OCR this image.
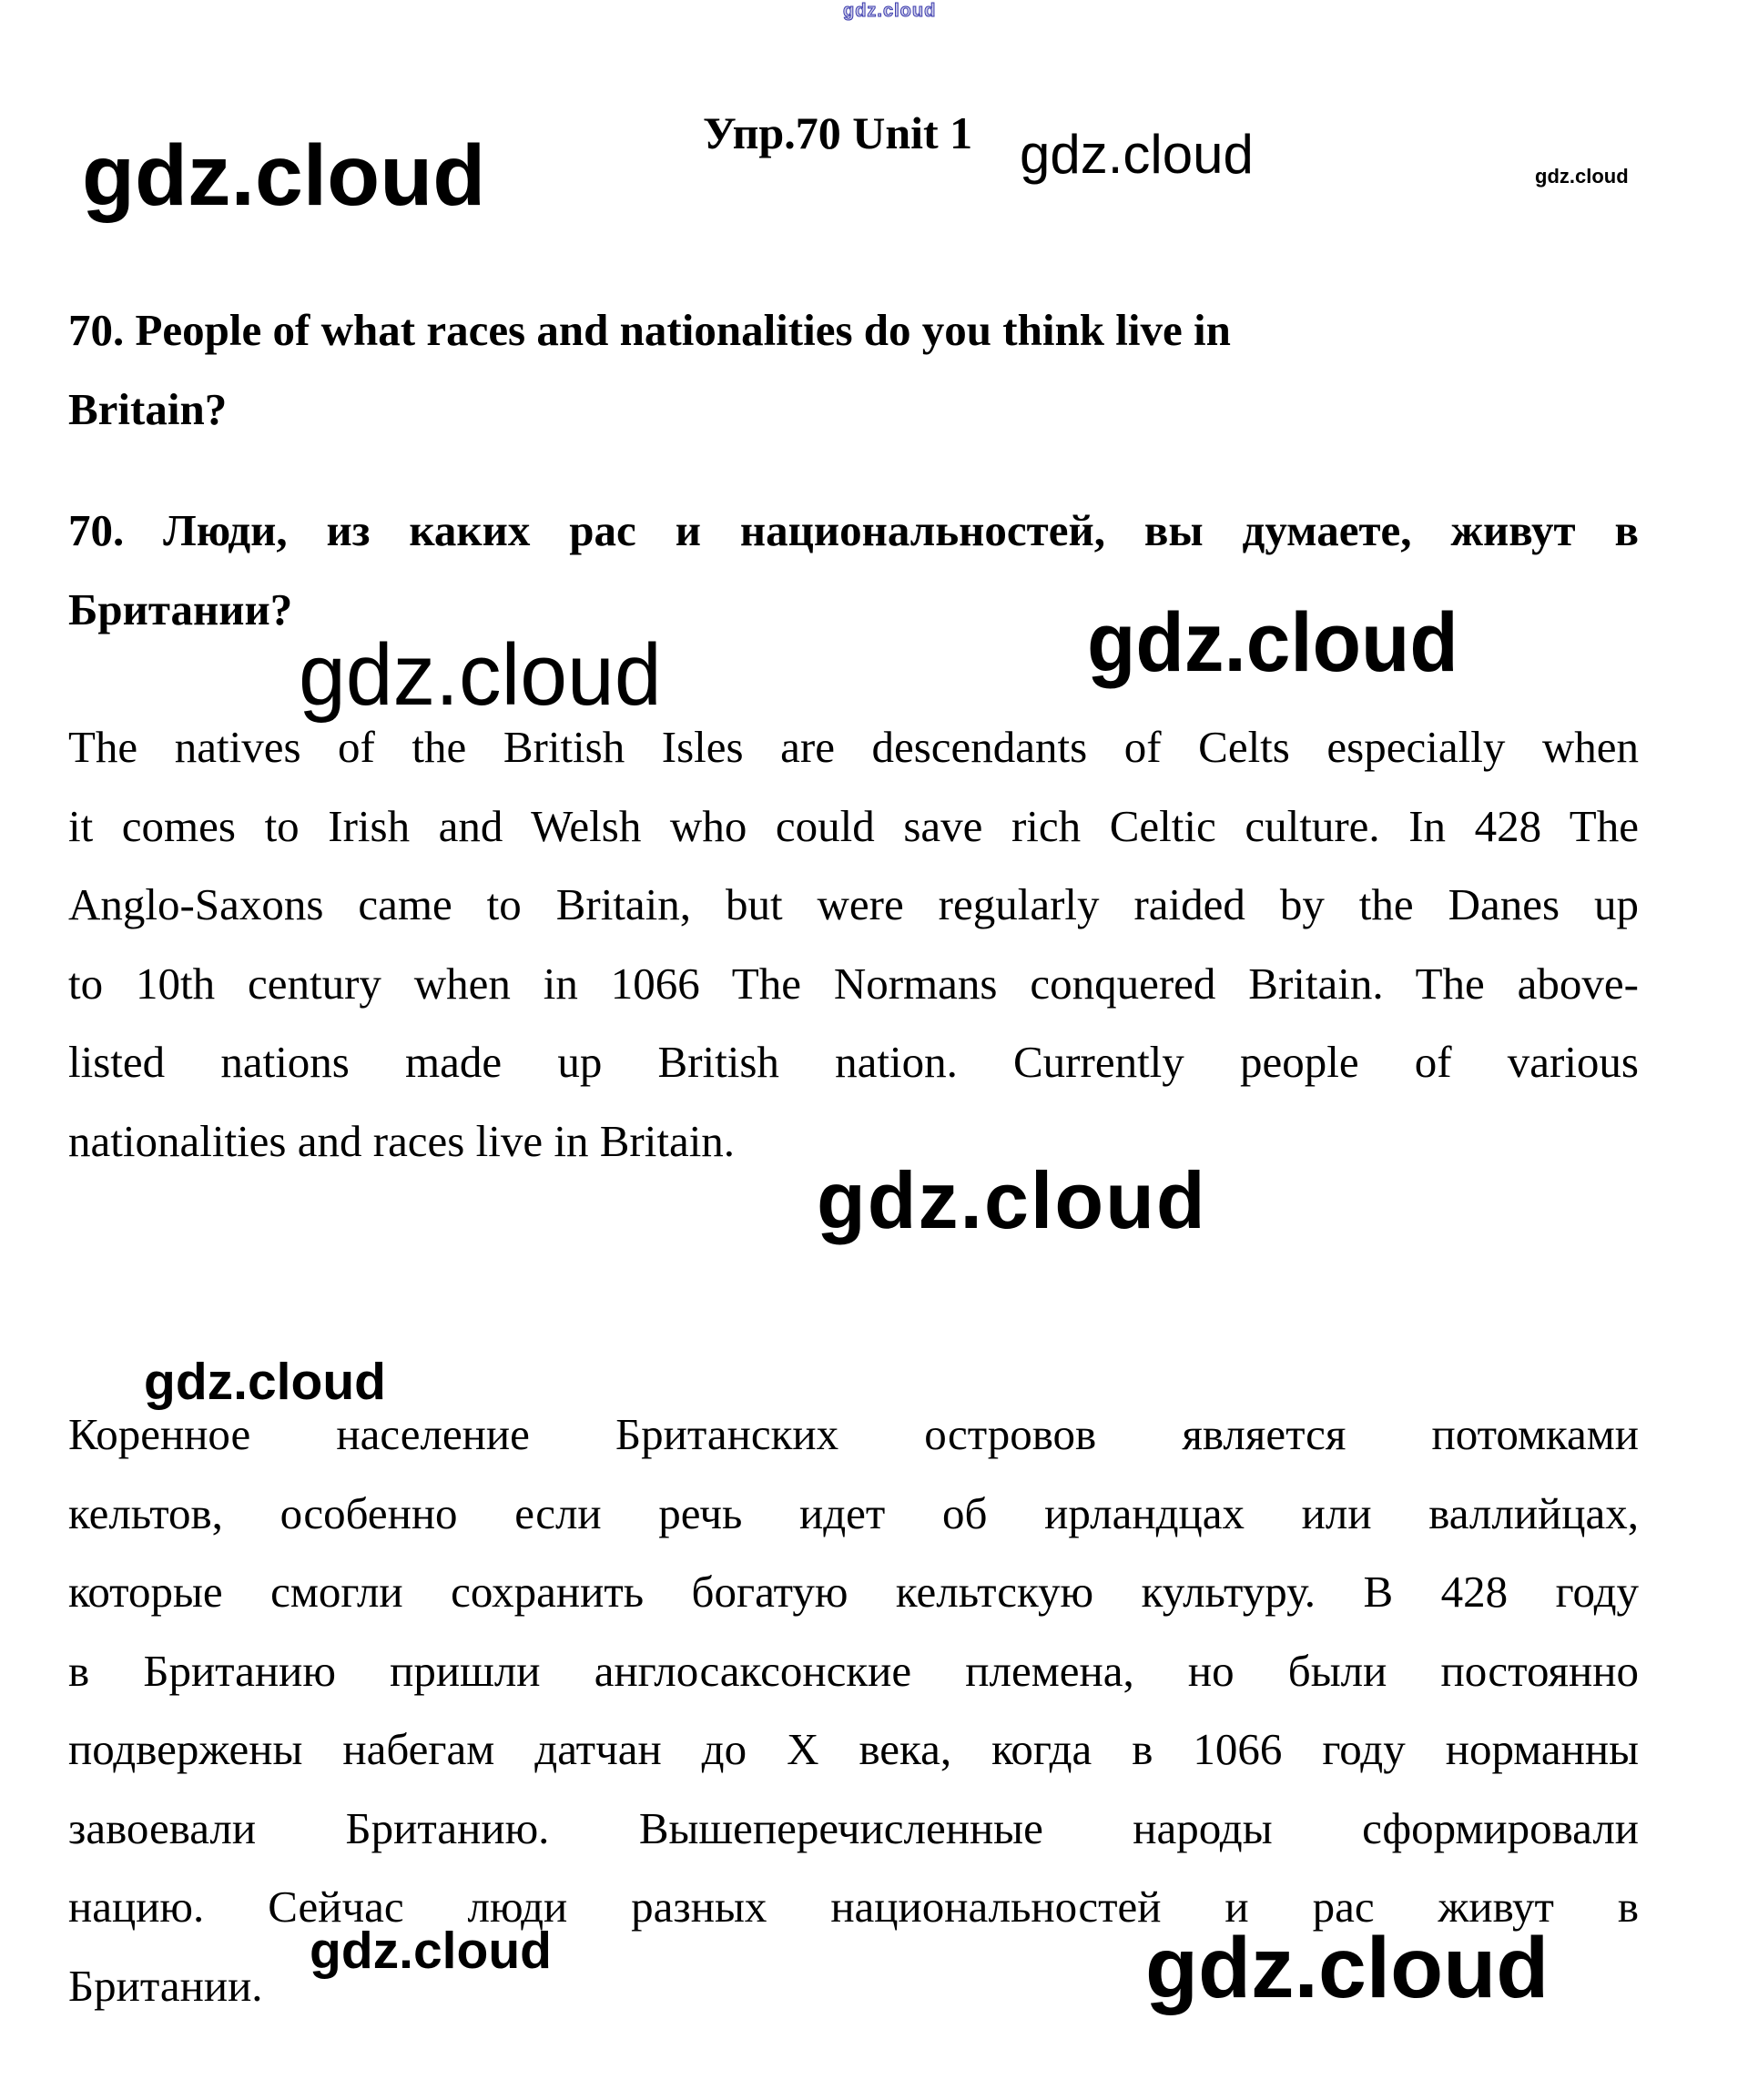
gdz.cloud
gdz.cloud	gdz.cloud	gdz.cloud
gdz.cloud	gdz.cloud
gdz.cloud
gdz.cloud
gdz.cloud	gdz.cloud
Упр.70 Unit 1
70. People of what races and nationalities do you think live in
Britain?
70. Люди, из каких рас и национальностей, вы думаете, живут в
Британии?
The natives of the British Isles are descendants of Celts especially when
it comes to Irish and Welsh who could save rich Celtic culture. In 428 The
Anglo-Saxons came to Britain, but were regularly raided by the Danes up
to 10th century when in 1066 The Normans conquered Britain. The above-
listed nations made up British nation. Currently people of various
nationalities and races live in Britain.
Коренное население Британских островов является потомками
кельтов, особенно если речь идет об ирландцах или валлийцах,
которые смогли сохранить богатую кельтскую культуру. В 428 году
в Британию пришли англосаксонские племена, но были постоянно
подвержены набегам датчан до Х века, когда в 1066 году норманны
завоевали Британию. Вышеперечисленные народы сформировали
нацию. Сейчас люди разных национальностей и рас живут в
Британии.
